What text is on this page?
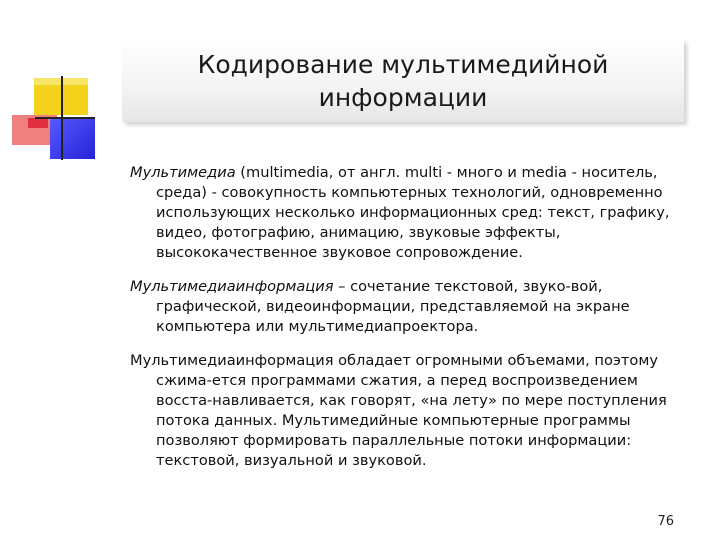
Кодирование мультимедийной
информации

Мультимедиа (multimedia, от англ. multi - много и media - носитель, среда) - совокупность компьютерных технологий, одновременно использующих несколько информационных сред: текст, графику, видео, фотографию, анимацию, звуковые эффекты, высококачественное звуковое сопровождение.

Мультимедиаинформация – сочетание текстовой, звуко-вой, графической, видеоинформации, представляемой на экране компьютера или мультимедиапроектора.

Мультимедиаинформация обладает огромными объемами, поэтому сжима-ется программами сжатия, а перед воспроизведением восста-навливается, как говорят, «на лету» по мере поступления потока данных. Мультимедийные компьютерные программы позволяют формировать параллельные потоки информации: текстовой, визуальной и звуковой.

76
